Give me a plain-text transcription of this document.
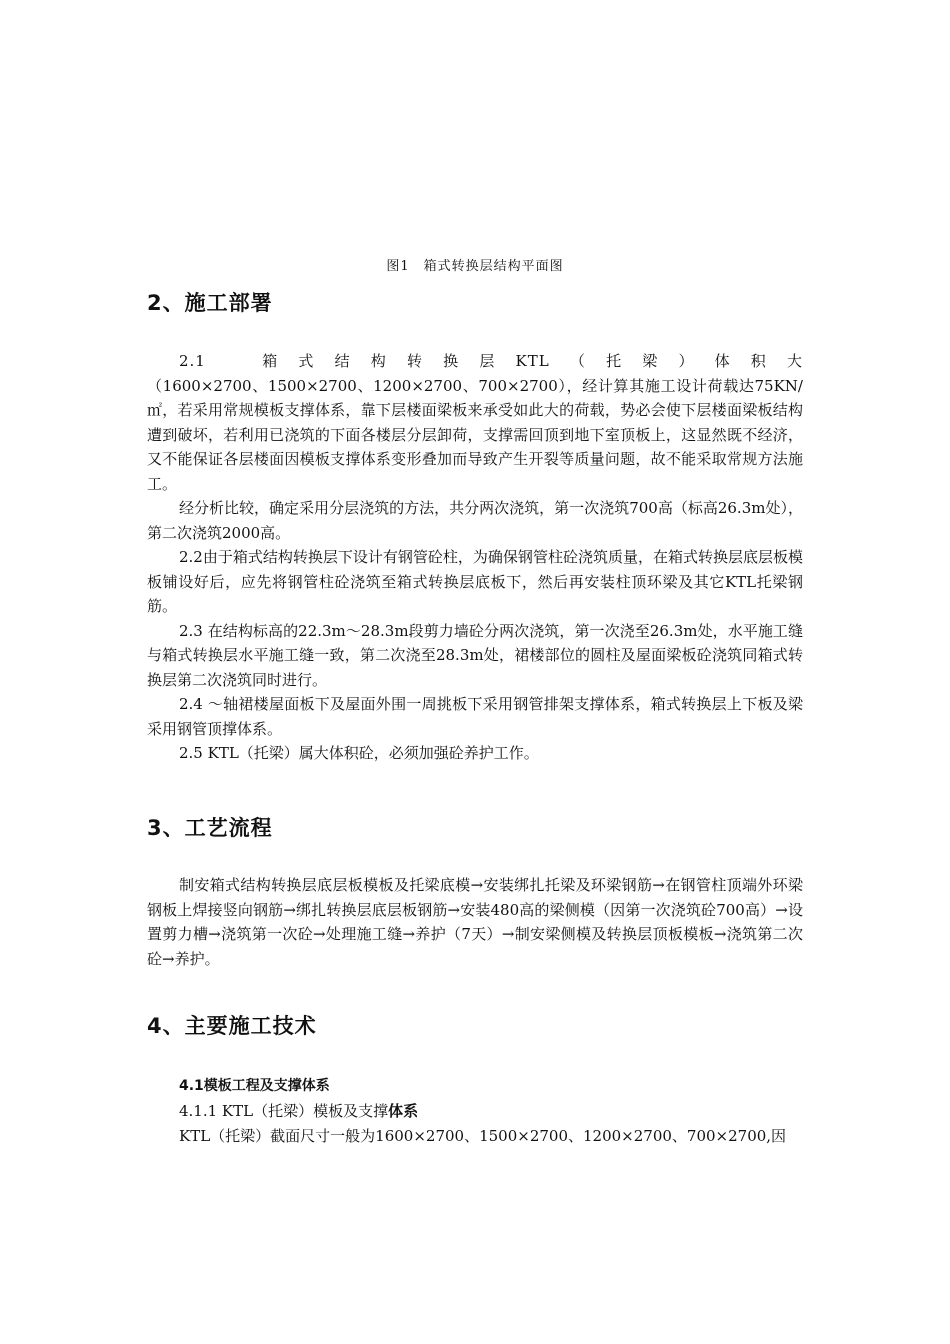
图1　箱式转换层结构平面图
2、施工部署

2.1　箱式结构转换层KTL（托梁）体积大

（1600×2700、1500×2700、1200×2700、700×2700），经计算其施工设计荷载达75KN/㎡，若采用常规模板支撑体系，靠下层楼面梁板来承受如此大的荷载，势必会使下层楼面梁板结构遭到破坏，若利用已浇筑的下面各楼层分层卸荷，支撑需回顶到地下室顶板上，这显然既不经济，又不能保证各层楼面因模板支撑体系变形叠加而导致产生开裂等质量问题，故不能采取常规方法施工。

经分析比较，确定采用分层浇筑的方法，共分两次浇筑，第一次浇筑700高（标高26.3m处），第二次浇筑2000高。

2.2由于箱式结构转换层下设计有钢管砼柱，为确保钢管柱砼浇筑质量，在箱式转换层底层板模板铺设好后，应先将钢管柱砼浇筑至箱式转换层底板下，然后再安装柱顶环梁及其它KTL托梁钢筋。

2.3 在结构标高的22.3m～28.3m段剪力墙砼分两次浇筑，第一次浇至26.3m处，水平施工缝与箱式转换层水平施工缝一致，第二次浇至28.3m处，裙楼部位的圆柱及屋面梁板砼浇筑同箱式转换层第二次浇筑同时进行。

2.4 ～轴裙楼屋面板下及屋面外围一周挑板下采用钢管排架支撑体系，箱式转换层上下板及梁采用钢管顶撑体系。

2.5 KTL（托梁）属大体积砼，必须加强砼养护工作。

3、工艺流程

制安箱式结构转换层底层板模板及托梁底模→安装绑扎托梁及环梁钢筋→在钢管柱顶端外环梁钢板上焊接竖向钢筋→绑扎转换层底层板钢筋→安装480高的梁侧模（因第一次浇筑砼700高）→设置剪力槽→浇筑第一次砼→处理施工缝→养护（7天）→制安梁侧模及转换层顶板模板→浇筑第二次砼→养护。

4、主要施工技术
4.1模板工程及支撑体系
4.1.1 KTL（托梁）模板及支撑体系
KTL（托梁）截面尺寸一般为1600×2700、1500×2700、1200×2700、700×2700,因
